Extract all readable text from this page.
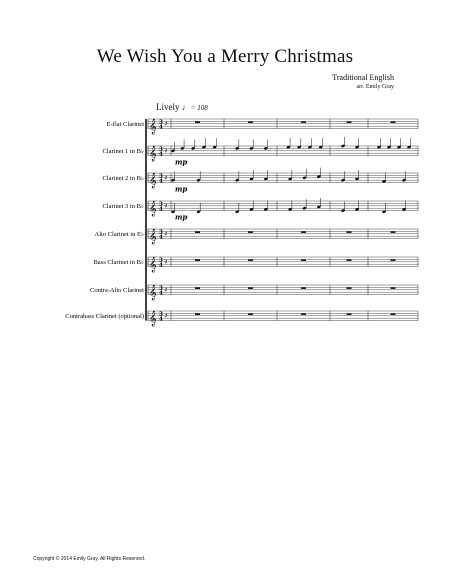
We Wish You a Merry Christmas
Traditional English
arr. Emily Gray
Lively ♩= 108
Copyright © 2014 Emily Gray. All Rights Reserved.
E-flat Clarinet 𝄞 3
4 𝄽
Clarinet 1 in B♭ 𝄞 3
4 𝄽
Clarinet 2 in B♭ 𝄞 3
4 𝄽
Clarinet 3 in B♭ 𝄞 3
4 𝄽
Alto Clarinet in E♭ 𝄞 3
4 𝄽
Bass Clarinet in B♭ 𝄞 3
4 𝄽
Contra-Alto Clarinet 𝄞 3
4 𝄽
Contrabass Clarinet (optional) 𝄞 3
4 𝄽
mp
mp
mp
